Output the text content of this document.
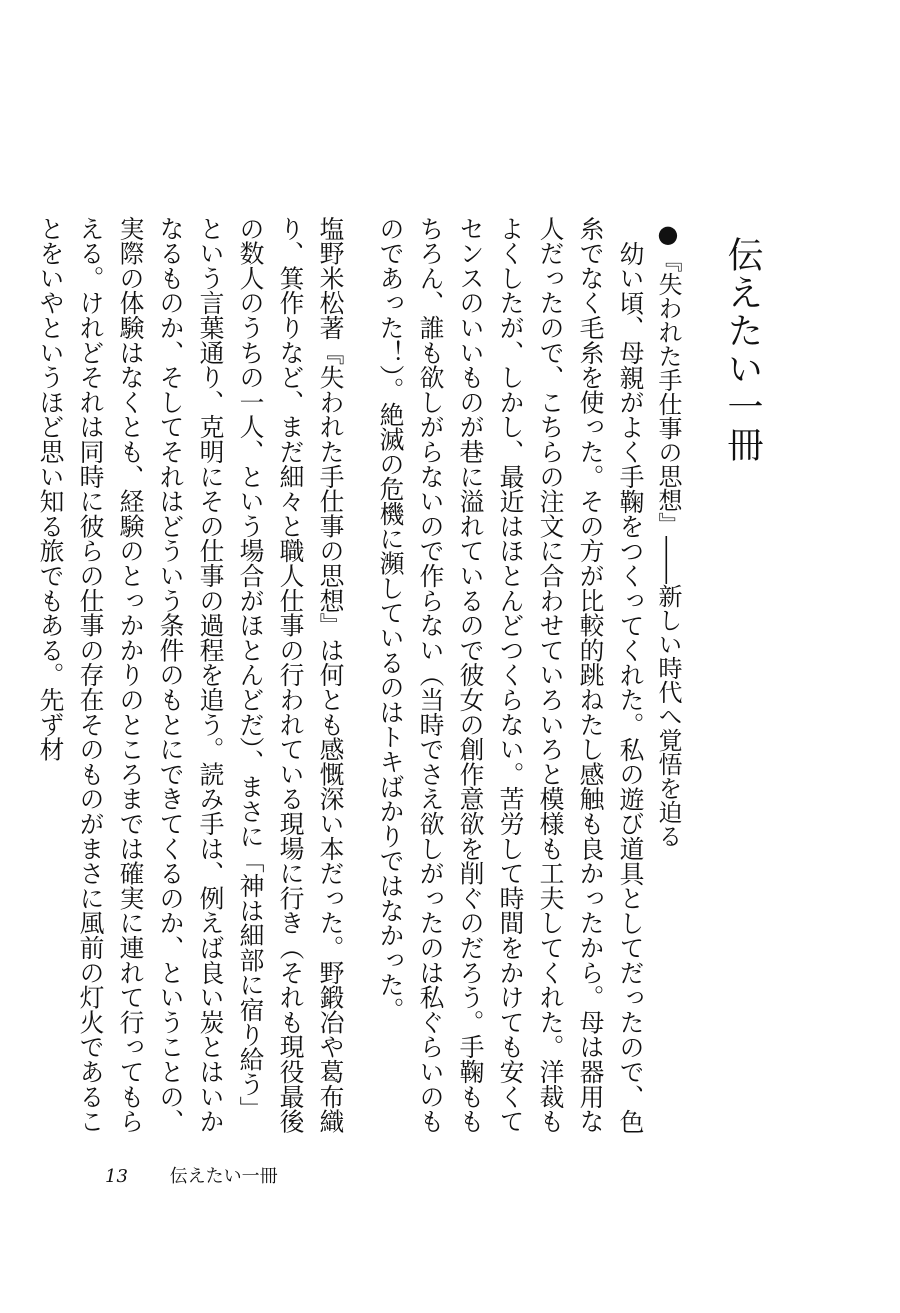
伝えたい一冊
●『失われた手仕事の思想』――新しい時代へ覚悟を迫る

幼い頃、母親がよく手鞠をつくってくれた。私の遊び道具としてだったので、色糸でなく毛糸を使った。その方が比較的跳ねたし感触も良かったから。母は器用な人だったので、こちらの注文に合わせていろいろと模様も工夫してくれた。洋裁もよくしたが、しかし、最近はほとんどつくらない。苦労して時間をかけても安くてセンスのいいものが巷に溢れているので彼女の創作意欲を削ぐのだろう。手鞠ももちろん、誰も欲しがらないので作らない（当時でさえ欲しがったのは私ぐらいのものであった！）。絶滅の危機に瀕しているのはトキばかりではなかった。

塩野米松著『失われた手仕事の思想』は何とも感慨深い本だった。野鍛冶や葛布織り、箕作りなど、まだ細々と職人仕事の行われている現場に行き（それも現役最後の数人のうちの一人、という場合がほとんどだ）、まさに「神は細部に宿り給う」という言葉通り、克明にその仕事の過程を追う。読み手は、例えば良い炭とはいかなるものか、そしてそれはどういう条件のもとにできてくるのか、ということの、実際の体験はなくとも、経験のとっかかりのところまでは確実に連れて行ってもらえる。けれどそれは同時に彼らの仕事の存在そのものがまさに風前の灯火であることをいやというほど思い知る旅でもある。先ず材

13 伝えたい一冊
